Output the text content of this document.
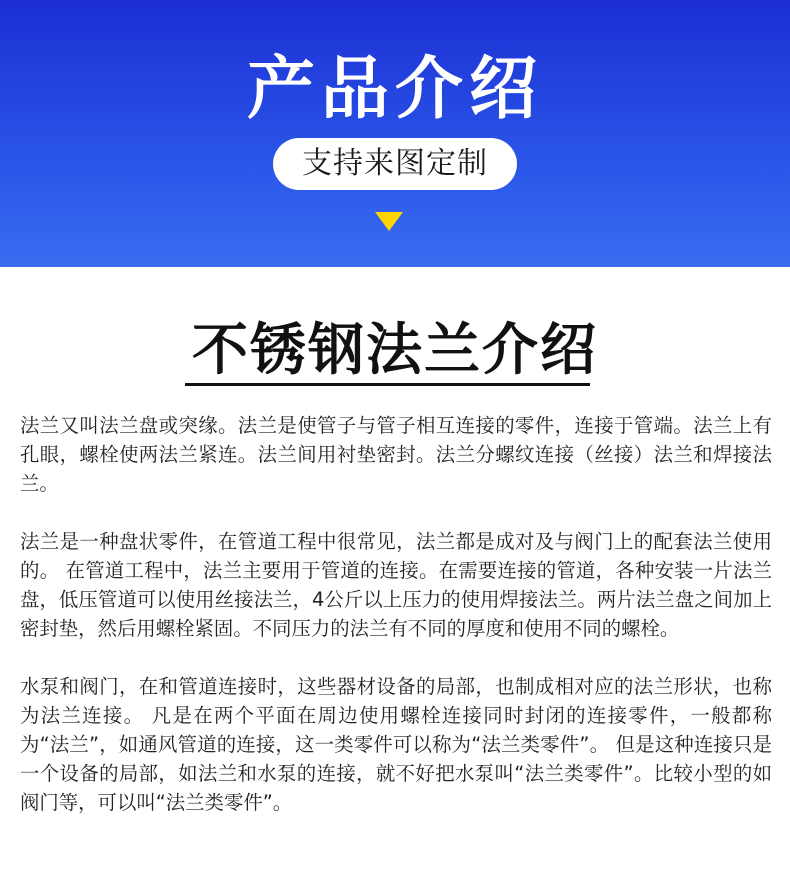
产品介绍
支持来图定制
不锈钢法兰介绍

法兰又叫法兰盘或突缘。法兰是使管子与管子相互连接的零件，连接于管端。法兰上有孔眼，螺栓使两法兰紧连。法兰间用衬垫密封。法兰分螺纹连接（丝接）法兰和焊接法兰。

法兰是一种盘状零件，在管道工程中很常见，法兰都是成对及与阀门上的配套法兰使用的。 在管道工程中，法兰主要用于管道的连接。在需要连接的管道，各种安装一片法兰盘，低压管道可以使用丝接法兰，4公斤以上压力的使用焊接法兰。两片法兰盘之间加上密封垫，然后用螺栓紧固。不同压力的法兰有不同的厚度和使用不同的螺栓。

水泵和阀门，在和管道连接时，这些器材设备的局部，也制成相对应的法兰形状，也称为法兰连接。 凡是在两个平面在周边使用螺栓连接同时封闭的连接零件，一般都称为“法兰”，如通风管道的连接，这一类零件可以称为“法兰类零件”。 但是这种连接只是一个设备的局部，如法兰和水泵的连接，就不好把水泵叫“法兰类零件”。比较小型的如阀门等，可以叫“法兰类零件”。
